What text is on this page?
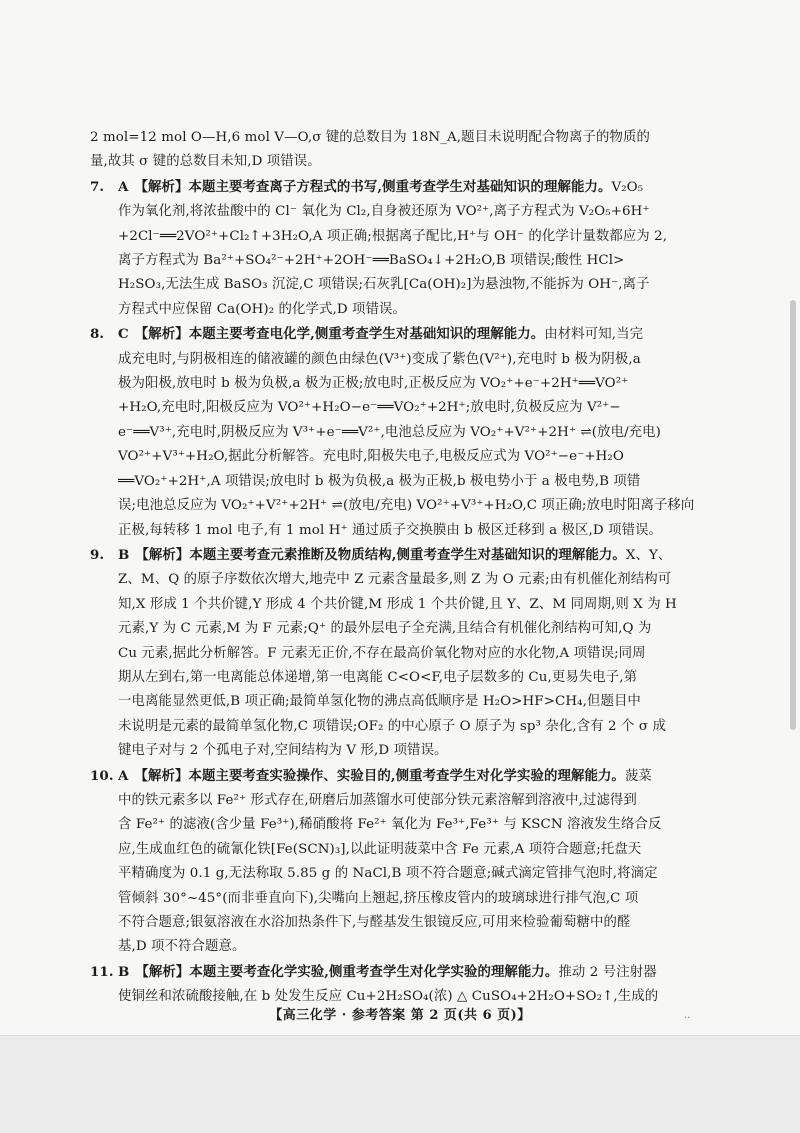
2 mol=12 mol O—H,6 mol V—O,σ 键的总数目为 18N_A,题目未说明配合物离子的物质的
量,故其 σ 键的总数目未知,D 项错误。
7. A 【解析】本题主要考查离子方程式的书写,侧重考查学生对基础知识的理解能力。V₂O₅
作为氧化剂,将浓盐酸中的 Cl⁻ 氧化为 Cl₂,自身被还原为 VO²⁺,离子方程式为 V₂O₅+6H⁺
+2Cl⁻══2VO²⁺+Cl₂↑+3H₂O,A 项正确;根据离子配比,H⁺与 OH⁻ 的化学计量数都应为 2,
离子方程式为 Ba²⁺+SO₄²⁻+2H⁺+2OH⁻══BaSO₄↓+2H₂O,B 项错误;酸性 HCl>
H₂SO₃,无法生成 BaSO₃ 沉淀,C 项错误;石灰乳[Ca(OH)₂]为悬浊物,不能拆为 OH⁻,离子
方程式中应保留 Ca(OH)₂ 的化学式,D 项错误。
8. C 【解析】本题主要考查电化学,侧重考查学生对基础知识的理解能力。由材料可知,当完
成充电时,与阴极相连的储液罐的颜色由绿色(V³⁺)变成了紫色(V²⁺),充电时 b 极为阴极,a
极为阳极,放电时 b 极为负极,a 极为正极;放电时,正极反应为 VO₂⁺+e⁻+2H⁺══VO²⁺
+H₂O,充电时,阳极反应为 VO²⁺+H₂O−e⁻══VO₂⁺+2H⁺;放电时,负极反应为 V²⁺−
e⁻══V³⁺,充电时,阴极反应为 V³⁺+e⁻══V²⁺,电池总反应为 VO₂⁺+V²⁺+2H⁺ ⇌(放电/充电)
VO²⁺+V³⁺+H₂O,据此分析解答。充电时,阳极失电子,电极反应式为 VO²⁺−e⁻+H₂O
══VO₂⁺+2H⁺,A 项错误;放电时 b 极为负极,a 极为正极,b 极电势小于 a 极电势,B 项错
误;电池总反应为 VO₂⁺+V²⁺+2H⁺ ⇌(放电/充电) VO²⁺+V³⁺+H₂O,C 项正确;放电时阳离子移向
正极,每转移 1 mol 电子,有 1 mol H⁺ 通过质子交换膜由 b 极区迁移到 a 极区,D 项错误。
9. B 【解析】本题主要考查元素推断及物质结构,侧重考查学生对基础知识的理解能力。X、Y、
Z、M、Q 的原子序数依次增大,地壳中 Z 元素含量最多,则 Z 为 O 元素;由有机催化剂结构可
知,X 形成 1 个共价键,Y 形成 4 个共价键,M 形成 1 个共价键,且 Y、Z、M 同周期,则 X 为 H
元素,Y 为 C 元素,M 为 F 元素;Q⁺ 的最外层电子全充满,且结合有机催化剂结构可知,Q 为
Cu 元素,据此分析解答。F 元素无正价,不存在最高价氧化物对应的水化物,A 项错误;同周
期从左到右,第一电离能总体递增,第一电离能 C<O<F,电子层数多的 Cu,更易失电子,第
一电离能显然更低,B 项正确;最简单氢化物的沸点高低顺序是 H₂O>HF>CH₄,但题目中
未说明是元素的最简单氢化物,C 项错误;OF₂ 的中心原子 O 原子为 sp³ 杂化,含有 2 个 σ 成
键电子对与 2 个孤电子对,空间结构为 V 形,D 项错误。
10. A 【解析】本题主要考查实验操作、实验目的,侧重考查学生对化学实验的理解能力。菠菜
中的铁元素多以 Fe²⁺ 形式存在,研磨后加蒸馏水可使部分铁元素溶解到溶液中,过滤得到
含 Fe²⁺ 的滤液(含少量 Fe³⁺),稀硝酸将 Fe²⁺ 氧化为 Fe³⁺,Fe³⁺ 与 KSCN 溶液发生络合反
应,生成血红色的硫氰化铁[Fe(SCN)₃],以此证明菠菜中含 Fe 元素,A 项符合题意;托盘天
平精确度为 0.1 g,无法称取 5.85 g 的 NaCl,B 项不符合题意;碱式滴定管排气泡时,将滴定
管倾斜 30°~45°(而非垂直向下),尖嘴向上翘起,挤压橡皮管内的玻璃球进行排气泡,C 项
不符合题意;银氨溶液在水浴加热条件下,与醛基发生银镜反应,可用来检验葡萄糖中的醛
基,D 项不符合题意。
11. B 【解析】本题主要考查化学实验,侧重考查学生对化学实验的理解能力。推动 2 号注射器
使铜丝和浓硫酸接触,在 b 处发生反应 Cu+2H₂SO₄(浓) △ CuSO₄+2H₂O+SO₂↑,生成的
【高三化学 · 参考答案 第 2 页(共 6 页)】	..
